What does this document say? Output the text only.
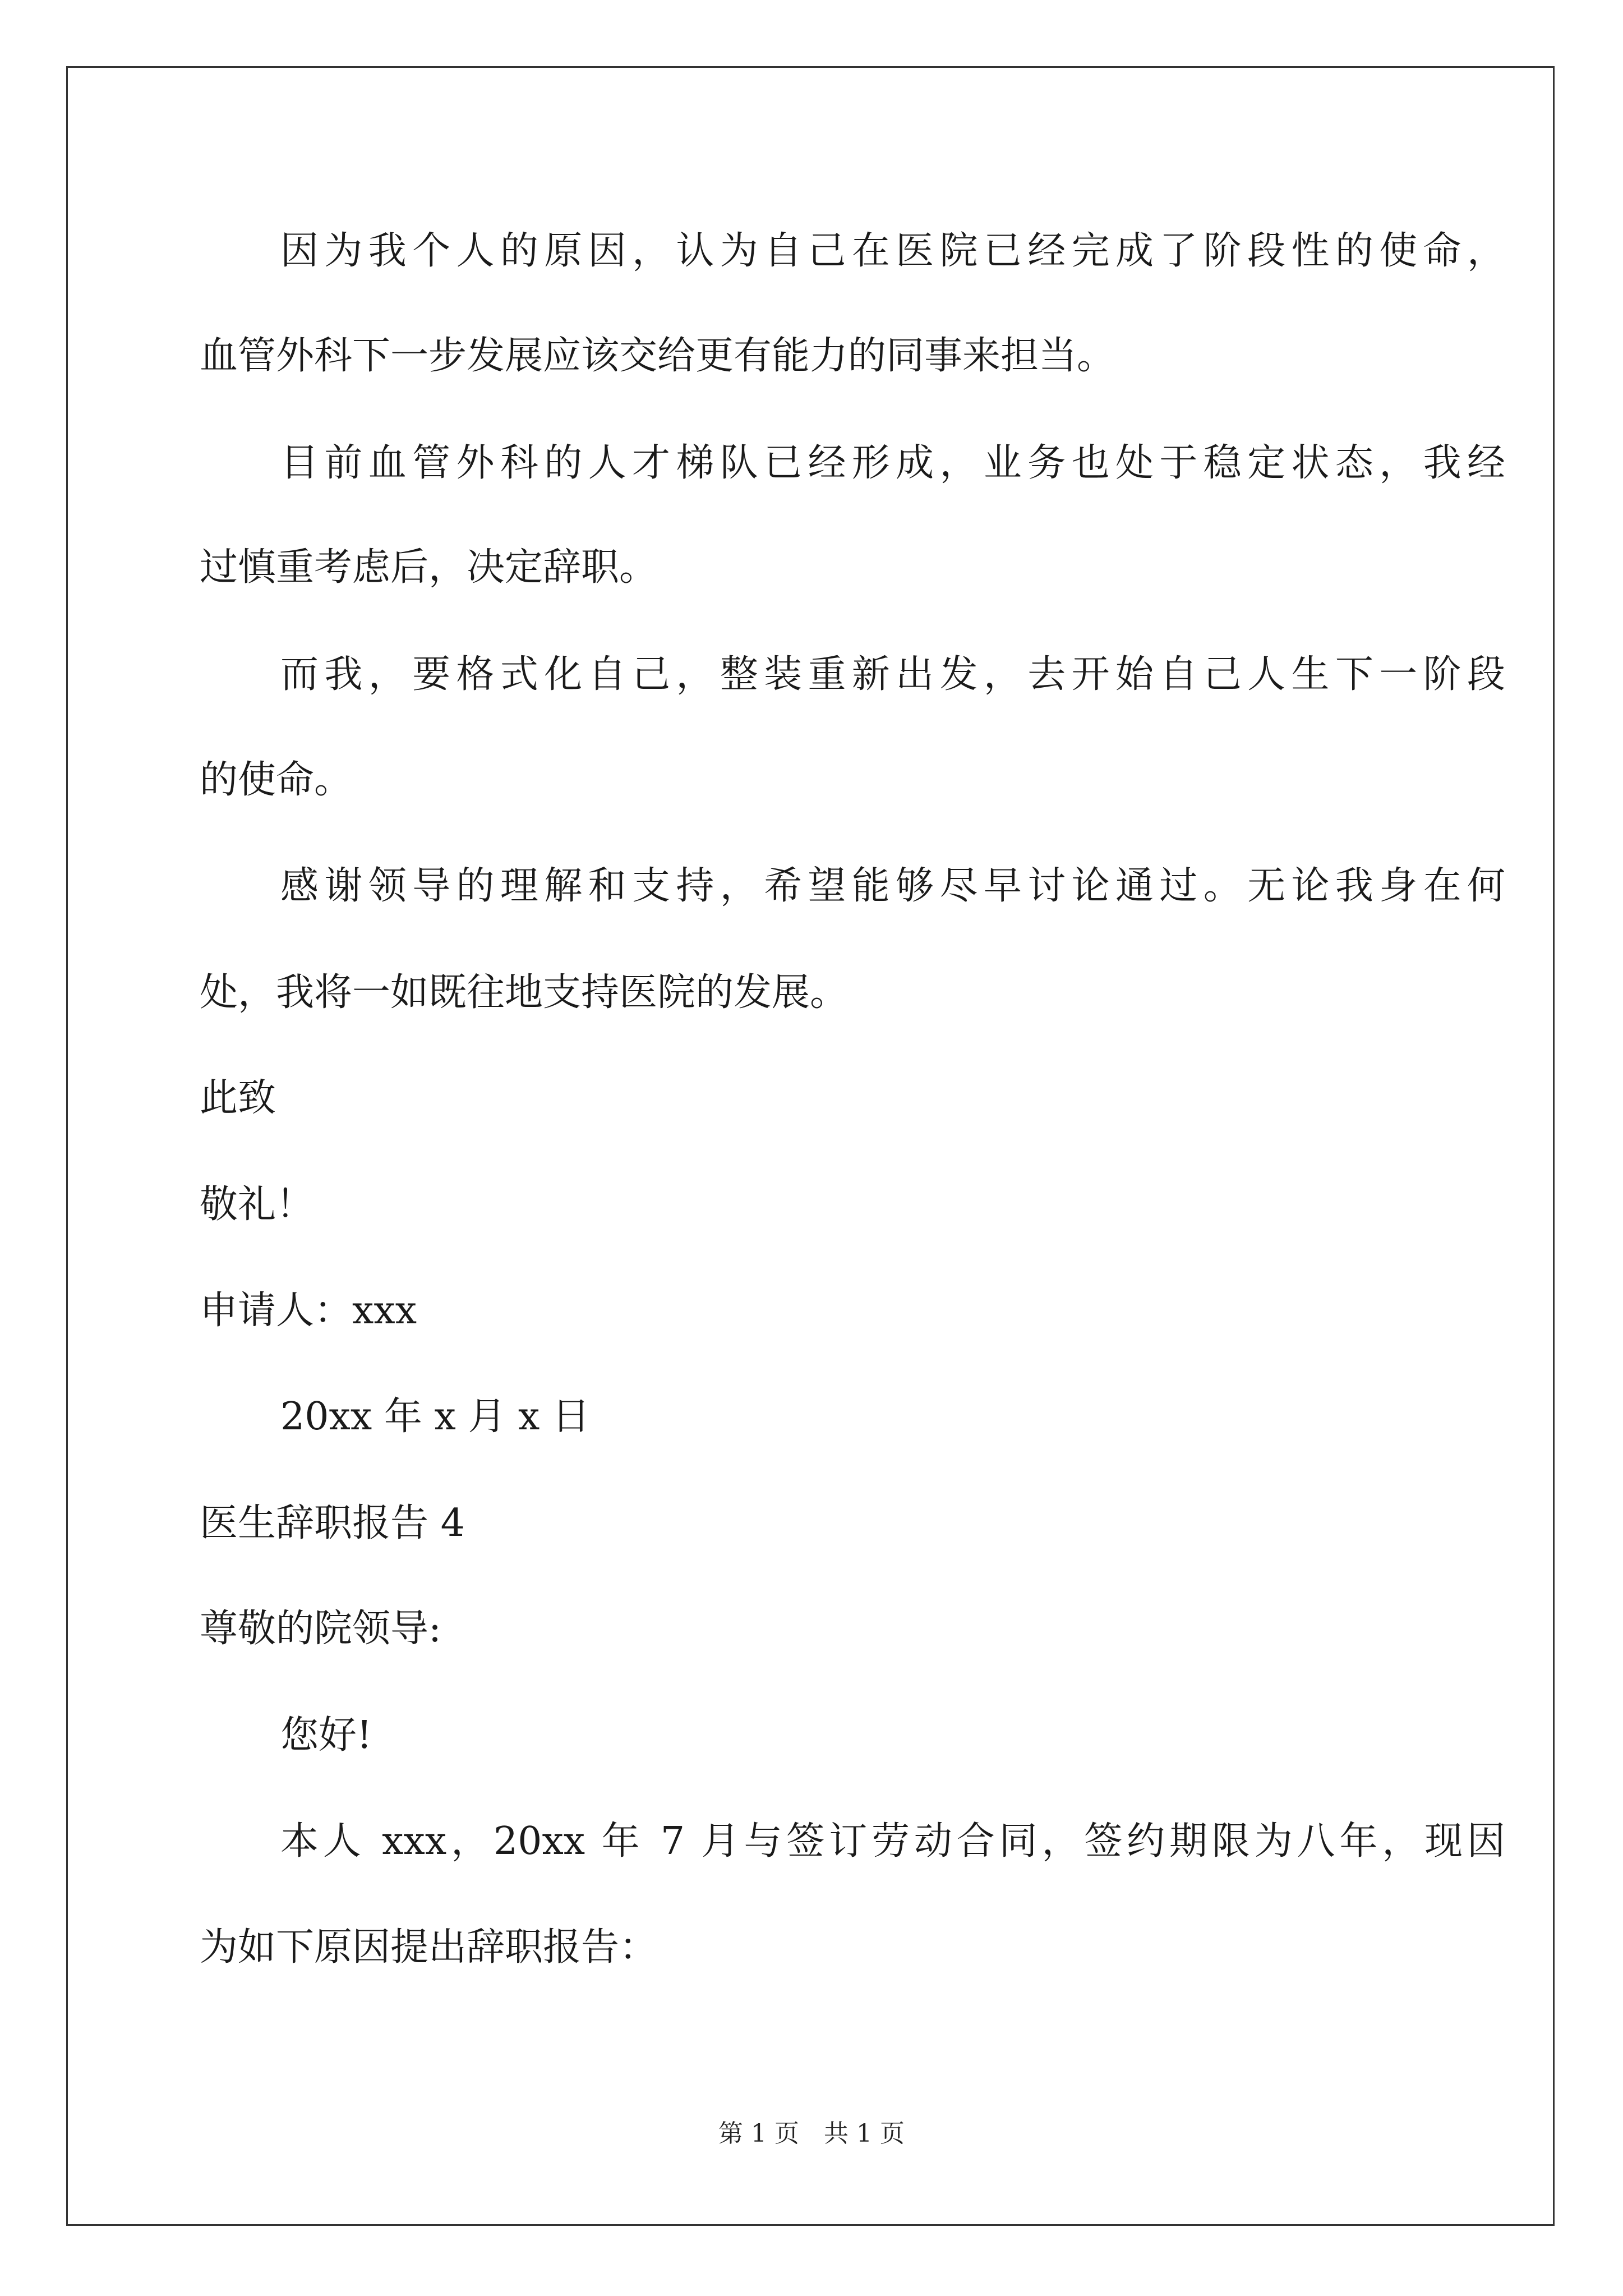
因为我个人的原因，认为自己在医院已经完成了阶段性的使命，
血管外科下一步发展应该交给更有能力的同事来担当。
目前血管外科的人才梯队已经形成，业务也处于稳定状态，我经
过慎重考虑后，决定辞职。
而我，要格式化自己，整装重新出发，去开始自己人生下一阶段
的使命。
感谢领导的理解和支持，希望能够尽早讨论通过。无论我身在何
处，我将一如既往地支持医院的发展。
此致
敬礼！
申请人：xxx
20xx 年 x 月 x 日
医生辞职报告 4
尊敬的院领导:
您好!
本人 xxx，20xx 年 7 月与签订劳动合同，签约期限为八年，现因
为如下原因提出辞职报告：
第 1 页　共 1 页
